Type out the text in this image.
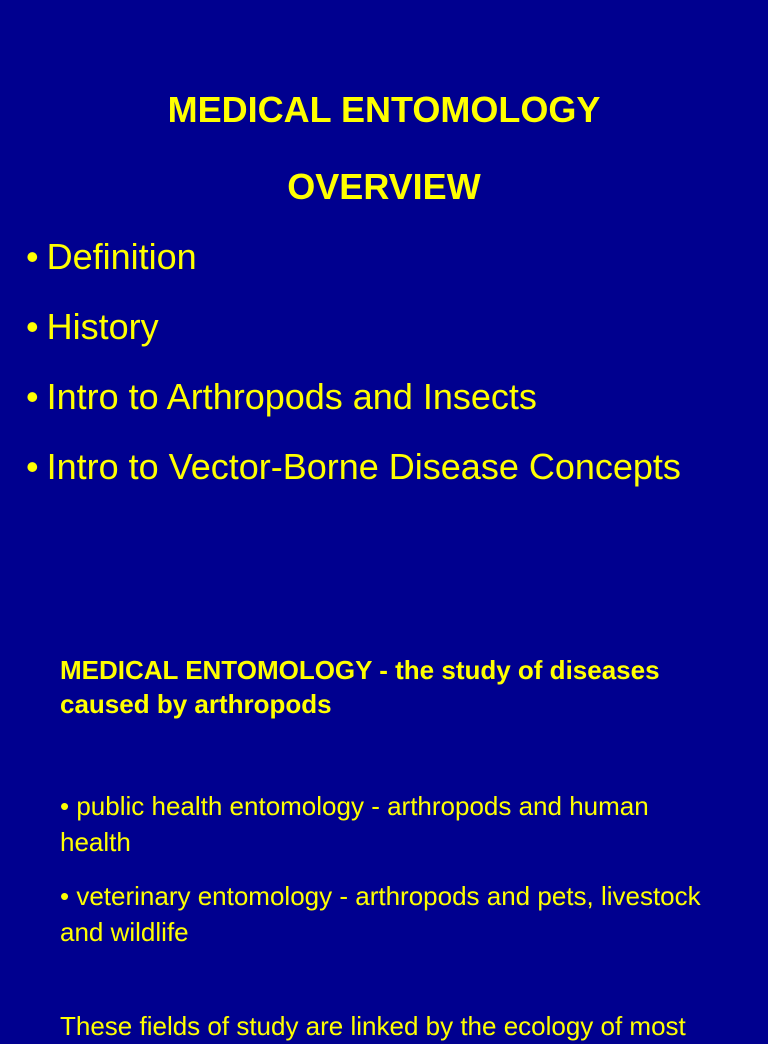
MEDICAL ENTOMOLOGY
OVERVIEW
• Definition
• History
• Intro to Arthropods and Insects
• Intro to Vector-Borne Disease Concepts

MEDICAL ENTOMOLOGY - the study of diseases caused by arthropods

• public health entomology - arthropods and human health

• veterinary entomology - arthropods and pets, livestock and wildlife

These fields of study are linked by the ecology of most
